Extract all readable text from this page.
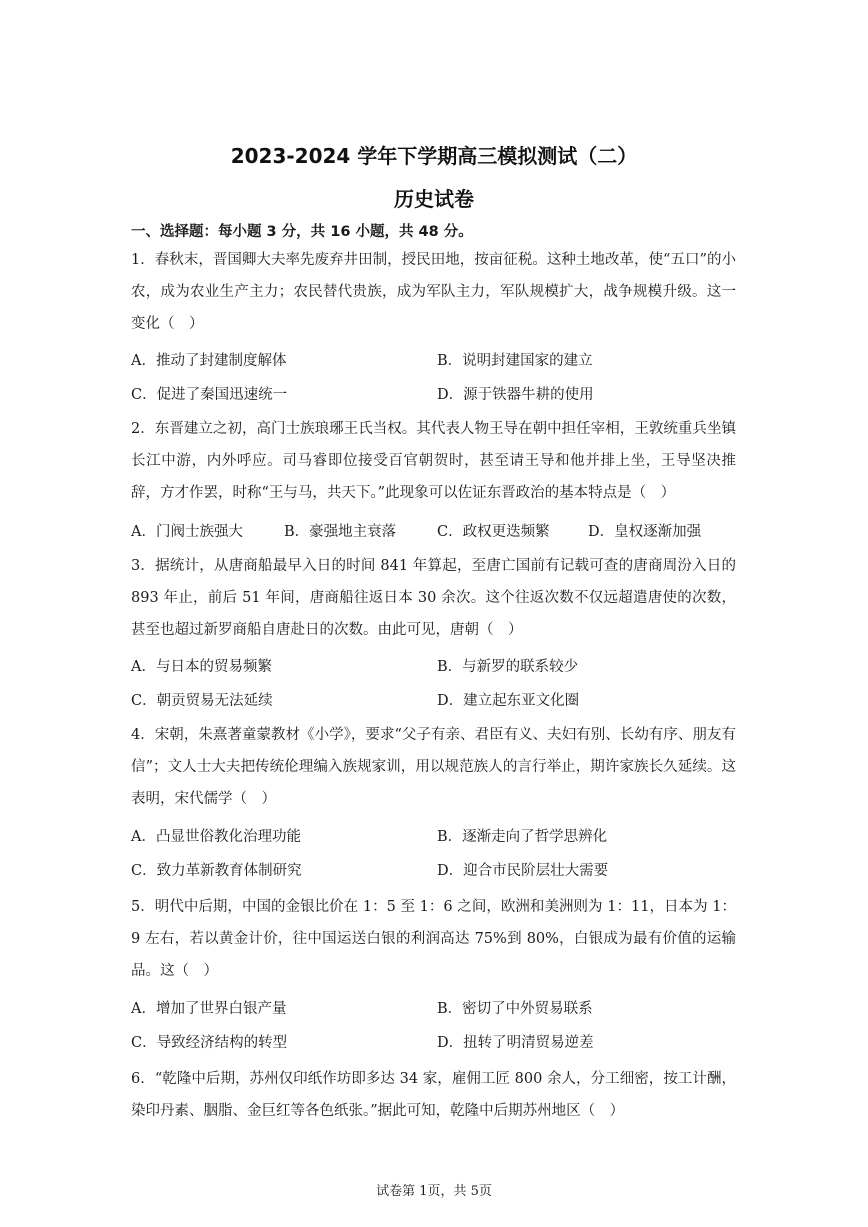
2023-2024 学年下学期高三模拟测试（二）
历史试卷
一、选择题：每小题 3 分，共 16 小题，共 48 分。
1．春秋末，晋国卿大夫率先废弃井田制，授民田地，按亩征税。这种土地改革，使“五口”的小农，成为农业生产主力；农民替代贵族，成为军队主力，军队规模扩大，战争规模升级。这一变化（　）
A．推动了封建制度解体	B．说明封建国家的建立
C．促进了秦国迅速统一	D．源于铁器牛耕的使用
2．东晋建立之初，高门士族琅琊王氏当权。其代表人物王导在朝中担任宰相，王敦统重兵坐镇长江中游，内外呼应。司马睿即位接受百官朝贺时，甚至请王导和他并排上坐，王导坚决推辞，方才作罢，时称“王与马，共天下。”此现象可以佐证东晋政治的基本特点是（　）
A．门阀士族强大	B．豪强地主衰落	C．政权更迭频繁	D．皇权逐渐加强
3．据统计，从唐商船最早入日的时间 841 年算起，至唐亡国前有记载可查的唐商周汾入日的 893 年止，前后 51 年间，唐商船往返日本 30 余次。这个往返次数不仅远超遣唐使的次数，甚至也超过新罗商船自唐赴日的次数。由此可见，唐朝（　）
A．与日本的贸易频繁	B．与新罗的联系较少
C．朝贡贸易无法延续	D．建立起东亚文化圈
4．宋朝，朱熹著童蒙教材《小学》，要求“父子有亲、君臣有义、夫妇有别、长幼有序、朋友有信”；文人士大夫把传统伦理编入族规家训，用以规范族人的言行举止，期许家族长久延续。这表明，宋代儒学（　）
A．凸显世俗教化治理功能	B．逐渐走向了哲学思辨化
C．致力革新教育体制研究	D．迎合市民阶层壮大需要
5．明代中后期，中国的金银比价在 1：5 至 1：6 之间，欧洲和美洲则为 1：11，日本为 1：9 左右，若以黄金计价，往中国运送白银的利润高达 75%到 80%，白银成为最有价值的运输品。这（　）
A．增加了世界白银产量	B．密切了中外贸易联系
C．导致经济结构的转型	D．扭转了明清贸易逆差
6．“乾隆中后期，苏州仅印纸作坊即多达 34 家，雇佣工匠 800 余人，分工细密，按工计酬，染印丹素、胭脂、金巨红等各色纸张。”据此可知，乾隆中后期苏州地区（　）
试卷第 1页，共 5页
